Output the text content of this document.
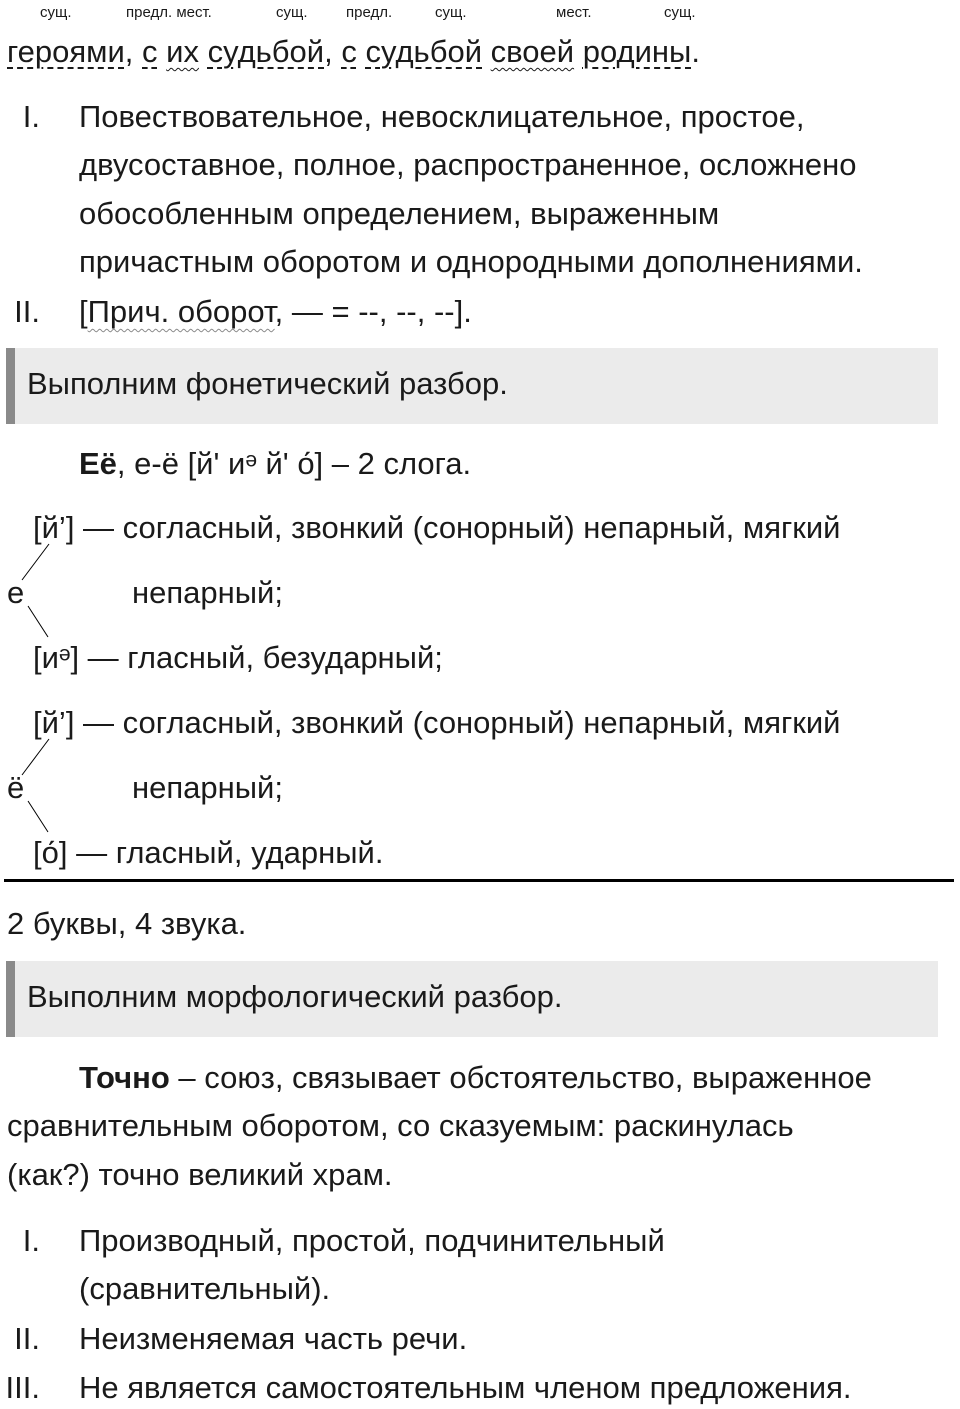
сущ.	предл. мест.	сущ.	предл.	сущ.	мест.	сущ.
героями, с их судьбой, с судьбой своей родины.
I. Повествовательное, невосклицательное, простое,
двусоставное, полное, распространенное, осложнено
обособленным определением, выраженным
причастным оборотом и однородными дополнениями.
II. [Прич. оборот, — = --, --, --].
Выполним фонетический разбор.
Её, е-ё [й' иᵊ й' о́] – 2 слога.
[й’] — согласный, звонкий (сонорный) непарный, мягкий
е	непарный;
[иᵊ] — гласный, безударный;
[й’] — согласный, звонкий (сонорный) непарный, мягкий
ё	непарный;
[о́] — гласный, ударный.
2 буквы, 4 звука.
Выполним морфологический разбор.
Точно – союз, связывает обстоятельство, выраженное
сравнительным оборотом, со сказуемым: раскинулась
(как?) точно великий храм.
I. Производный, простой, подчинительный
(сравнительный).
II. Неизменяемая часть речи.
III. Не является самостоятельным членом предложения.
